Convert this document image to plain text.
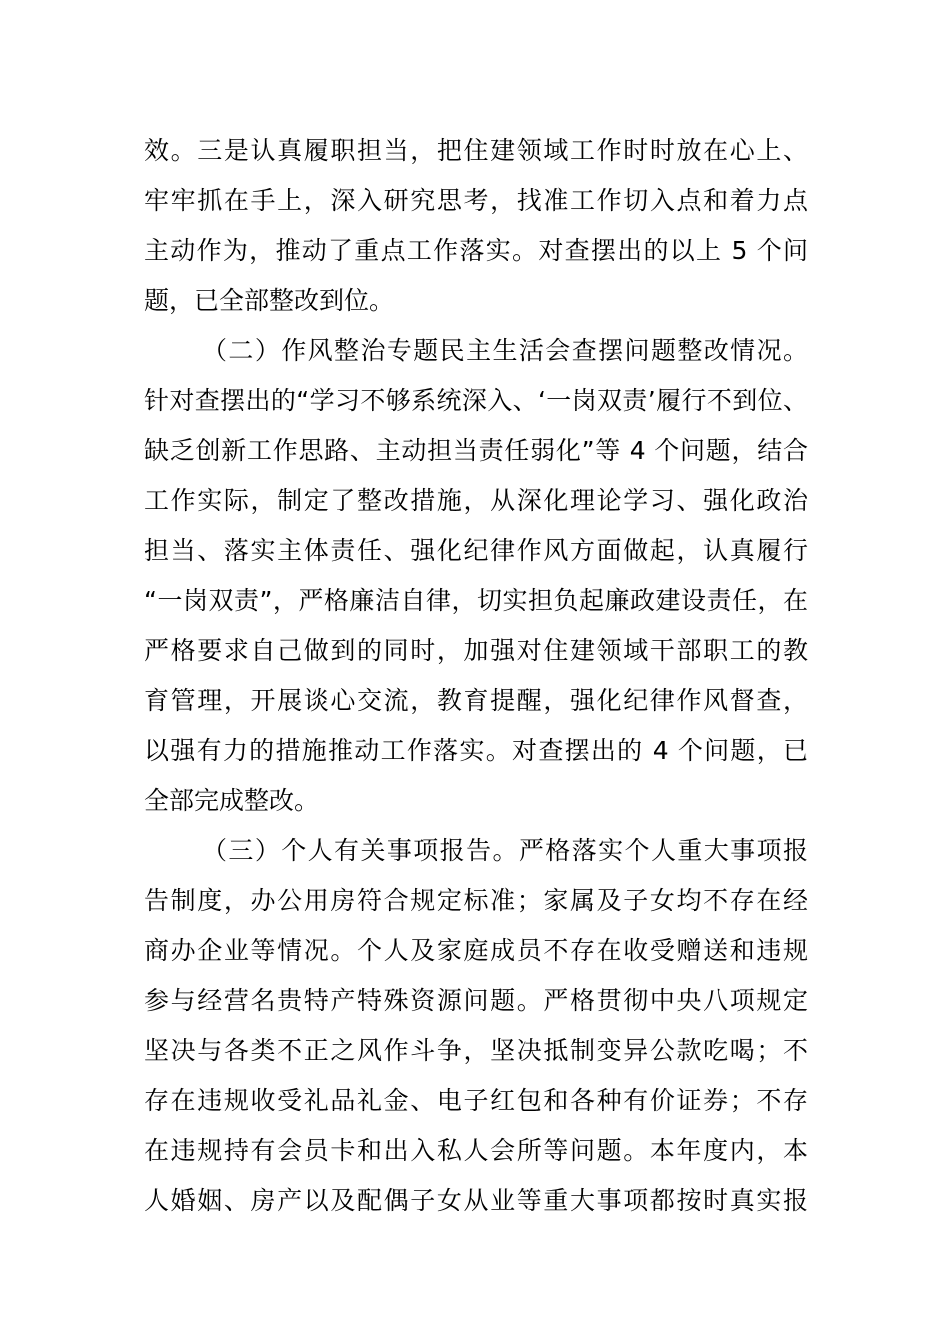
效。三是认真履职担当，把住建领域工作时时放在心上、
牢牢抓在手上，深入研究思考，找准工作切入点和着力点
主动作为，推动了重点工作落实。对查摆出的以上 5 个问
题，已全部整改到位。
（二）作风整治专题民主生活会查摆问题整改情况。
针对查摆出的“学习不够系统深入、‘一岗双责’履行不到位、
缺乏创新工作思路、主动担当责任弱化”等 4 个问题，结合
工作实际，制定了整改措施，从深化理论学习、强化政治
担当、落实主体责任、强化纪律作风方面做起，认真履行
“一岗双责”，严格廉洁自律，切实担负起廉政建设责任，在
严格要求自己做到的同时，加强对住建领域干部职工的教
育管理，开展谈心交流，教育提醒，强化纪律作风督查，
以强有力的措施推动工作落实。对查摆出的 4 个问题，已
全部完成整改。
（三）个人有关事项报告。严格落实个人重大事项报
告制度，办公用房符合规定标准；家属及子女均不存在经
商办企业等情况。个人及家庭成员不存在收受赠送和违规
参与经营名贵特产特殊资源问题。严格贯彻中央八项规定
坚决与各类不正之风作斗争，坚决抵制变异公款吃喝；不
存在违规收受礼品礼金、电子红包和各种有价证券；不存
在违规持有会员卡和出入私人会所等问题。本年度内，本
人婚姻、房产以及配偶子女从业等重大事项都按时真实报
